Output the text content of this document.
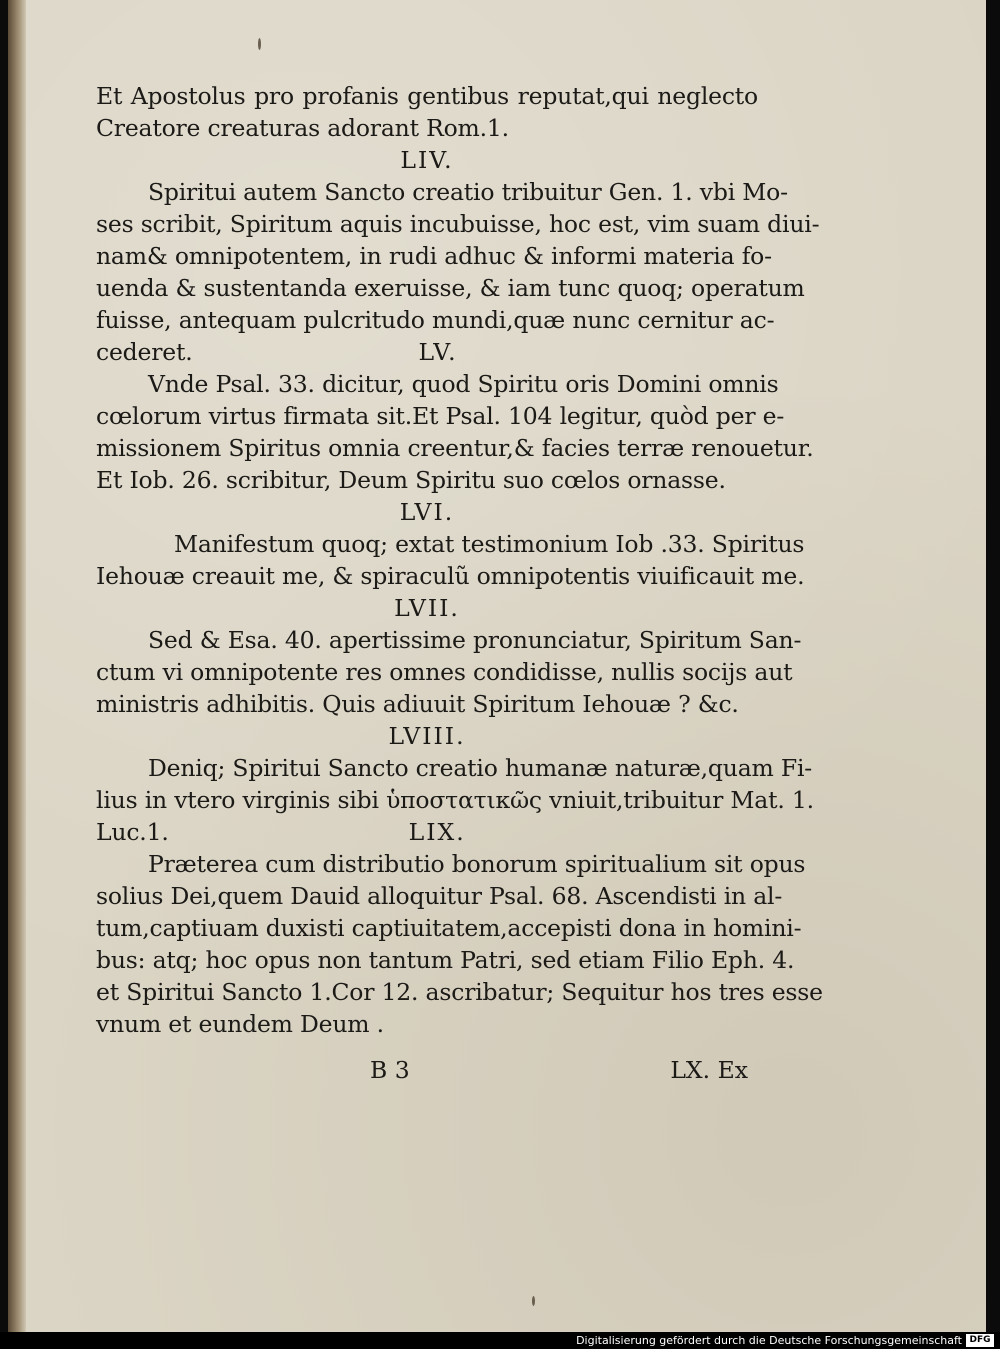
Et Apostolus pro profanis gentibus reputat,qui neglecto
Creatore creaturas adorant Rom.1.
LIV.
Spiritui autem Sancto creatio tribuitur Gen. 1. vbi Mo-
ses scribit, Spiritum aquis incubuisse, hoc est, vim suam diui-
nam& omnipotentem, in rudi adhuc & informi materia fo-
uenda & sustentanda exeruisse, & iam tunc quoq; operatum
fuisse, antequam pulcritudo mundi,quæ nunc cernitur ac-
cederet.	LV.
Vnde Psal. 33. dicitur, quod Spiritu oris Domini omnis
cœlorum virtus firmata sit.Et Psal. 104 legitur, quòd per e-
missionem Spiritus omnia creentur,& facies terræ renouetur.
Et Iob. 26. scribitur, Deum Spiritu suo cœlos ornasse.
LVI.
Manifestum quoq; extat testimonium Iob .33. Spiritus
Iehouæ creauit me, & spiraculũ omnipotentis viuificauit me.
LVII.
Sed & Esa. 40. apertissime pronunciatur, Spiritum San-
ctum vi omnipotente res omnes condidisse, nullis socijs aut
ministris adhibitis. Quis adiuuit Spiritum Iehouæ ? &c.
LVIII.
Deniq; Spiritui Sancto creatio humanæ naturæ,quam Fi-
lius in vtero virginis sibi ὑποστατικῶς vniuit,tribuitur Mat. 1.
Luc.1.	LIX.
Præterea cum distributio bonorum spiritualium sit opus
solius Dei,quem Dauid alloquitur Psal. 68. Ascendisti in al-
tum,captiuam duxisti captiuitatem,accepisti dona in homini-
bus: atq; hoc opus non tantum Patri, sed etiam Filio Eph. 4.
et Spiritui Sancto 1.Cor 12. ascribatur; Sequitur hos tres esse
vnum et eundem Deum .
B 3	LX. Ex
Digitalisierung gefördert durch die Deutsche Forschungsgemeinschaft DFG
